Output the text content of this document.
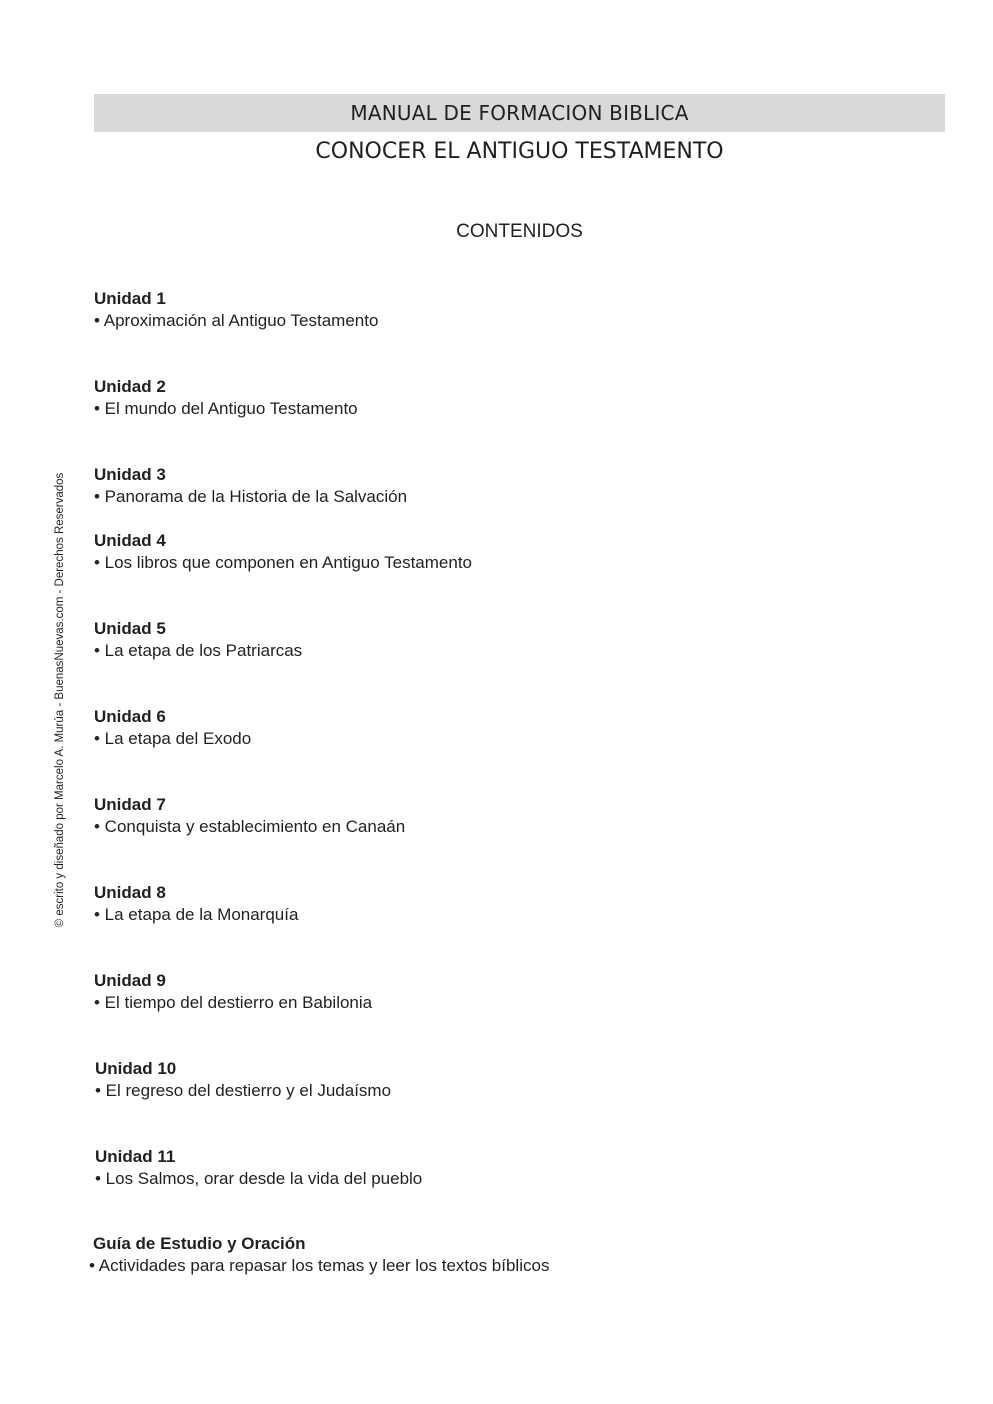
MANUAL DE FORMACION BIBLICA
CONOCER EL ANTIGUO TESTAMENTO
CONTENIDOS
Unidad 1
• Aproximación al Antiguo Testamento
Unidad 2
• El mundo del Antiguo Testamento
Unidad 3
• Panorama de la Historia de la Salvación
Unidad 4
• Los libros que componen en Antiguo Testamento
Unidad 5
• La etapa de los Patriarcas
Unidad 6
• La etapa del Exodo
Unidad 7
• Conquista y establecimiento en Canaán
Unidad 8
• La etapa de la Monarquía
Unidad 9
• El tiempo del destierro en Babilonia
Unidad 10
• El regreso del destierro y el Judaísmo
Unidad 11
• Los Salmos, orar desde la vida del pueblo
Guía de Estudio y Oración
• Actividades para repasar los temas y leer los textos bíblicos
© escrito y diseñado por Marcelo A. Murúa - BuenasNuevas.com - Derechos Reservados
